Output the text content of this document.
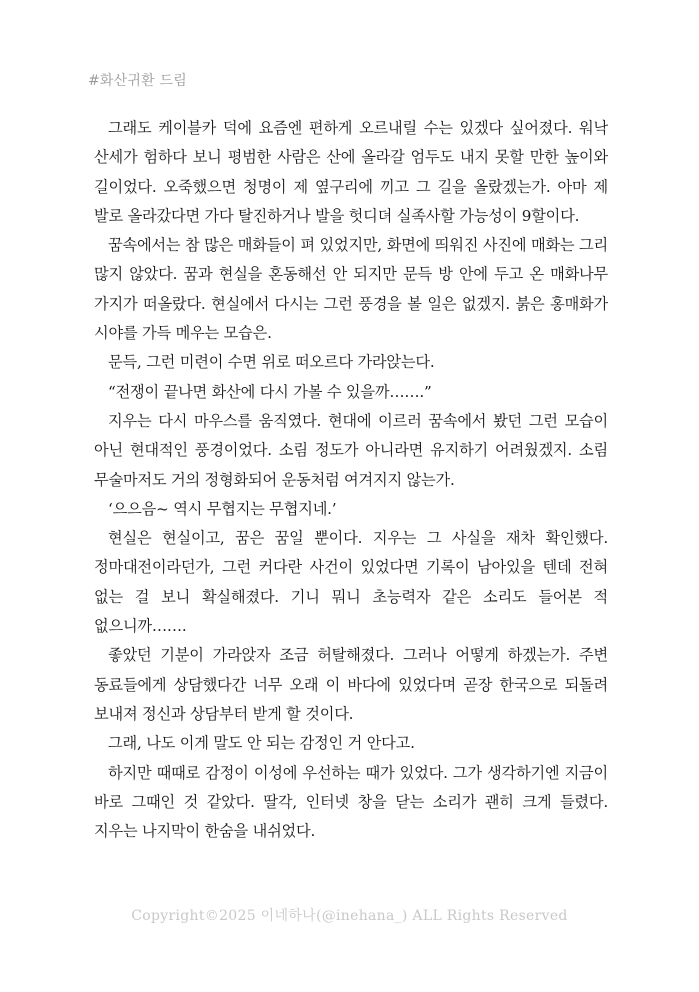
#화산귀환 드림

그래도 케이블카 덕에 요즘엔 편하게 오르내릴 수는 있겠다 싶어졌다. 워낙 산세가 험하다 보니 평범한 사람은 산에 올라갈 엄두도 내지 못할 만한 높이와 길이었다. 오죽했으면 청명이 제 옆구리에 끼고 그 길을 올랐겠는가. 아마 제 발로 올라갔다면 가다 탈진하거나 발을 헛디뎌 실족사할 가능성이 9할이다.

꿈속에서는 참 많은 매화들이 펴 있었지만, 화면에 띄워진 사진에 매화는 그리 많지 않았다. 꿈과 현실을 혼동해선 안 되지만 문득 방 안에 두고 온 매화나무 가지가 떠올랐다. 현실에서 다시는 그런 풍경을 볼 일은 없겠지. 붉은 홍매화가 시야를 가득 메우는 모습은.

문득, 그런 미련이 수면 위로 떠오르다 가라앉는다.

“전쟁이 끝나면 화산에 다시 가볼 수 있을까…….”

지우는 다시 마우스를 움직였다. 현대에 이르러 꿈속에서 봤던 그런 모습이 아닌 현대적인 풍경이었다. 소림 정도가 아니라면 유지하기 어려웠겠지. 소림 무술마저도 거의 정형화되어 운동처럼 여겨지지 않는가.

‘으으음~ 역시 무협지는 무협지네.’

현실은 현실이고, 꿈은 꿈일 뿐이다. 지우는 그 사실을 재차 확인했다. 정마대전이라던가, 그런 커다란 사건이 있었다면 기록이 남아있을 텐데 전혀 없는 걸 보니 확실해졌다. 기니 뭐니 초능력자 같은 소리도 들어본 적 없으니까…….

좋았던 기분이 가라앉자 조금 허탈해졌다. 그러나 어떻게 하겠는가. 주변 동료들에게 상담했다간 너무 오래 이 바다에 있었다며 곧장 한국으로 되돌려 보내져 정신과 상담부터 받게 할 것이다.

그래, 나도 이게 말도 안 되는 감정인 거 안다고.

하지만 때때로 감정이 이성에 우선하는 때가 있었다. 그가 생각하기엔 지금이 바로 그때인 것 같았다. 딸각, 인터넷 창을 닫는 소리가 괜히 크게 들렸다. 지우는 나지막이 한숨을 내쉬었다.

Copyright©2025 이네하나(@inehana_) ALL Rights Reserved
